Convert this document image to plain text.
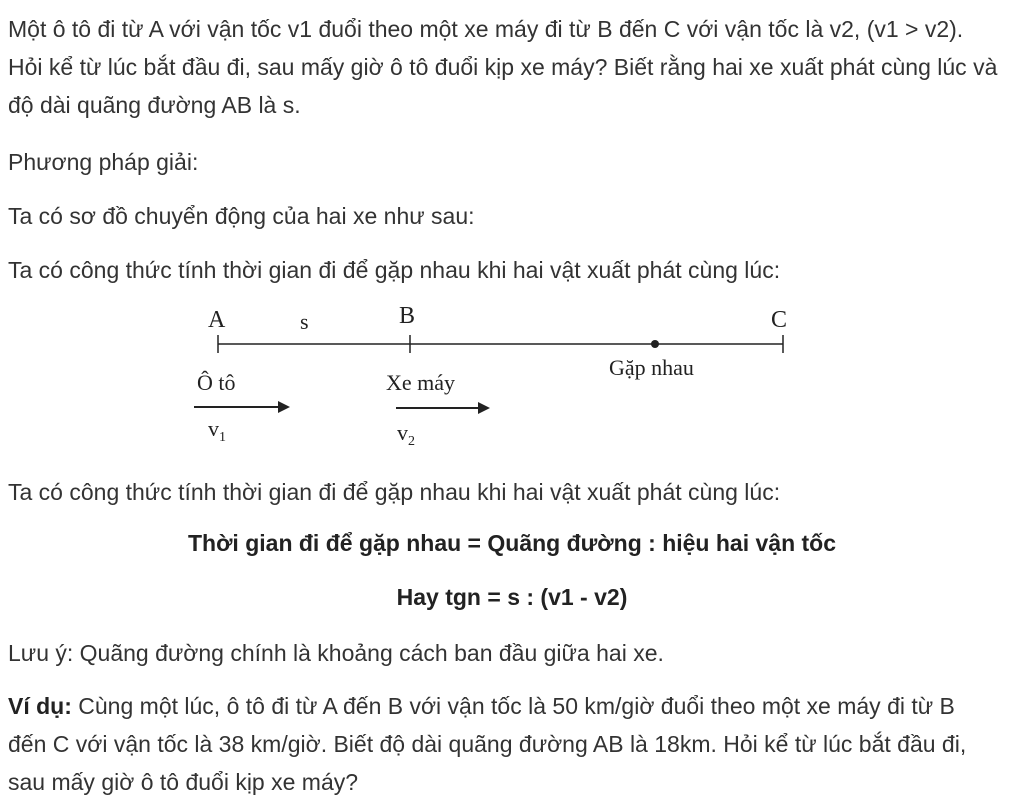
Một ô tô đi từ A với vận tốc v1 đuổi theo một xe máy đi từ B đến C với vận tốc là v2, (v1 > v2). Hỏi kể từ lúc bắt đầu đi, sau mấy giờ ô tô đuổi kịp xe máy? Biết rằng hai xe xuất phát cùng lúc và độ dài quãng đường AB là s.

Phương pháp giải:

Ta có sơ đồ chuyển động của hai xe như sau:

Ta có công thức tính thời gian đi để gặp nhau khi hai vật xuất phát cùng lúc:

A	s	B	C
Gặp nhau
Ô tô
$v_1$
Xe máy
$v_2$

Ta có công thức tính thời gian đi để gặp nhau khi hai vật xuất phát cùng lúc:

Thời gian đi để gặp nhau = Quãng đường : hiệu hai vận tốc

Hay tgn = s : (v1 - v2)

Lưu ý: Quãng đường chính là khoảng cách ban đầu giữa hai xe.

Ví dụ: Cùng một lúc, ô tô đi từ A đến B với vận tốc là 50 km/giờ đuổi theo một xe máy đi từ B đến C với vận tốc là 38 km/giờ. Biết độ dài quãng đường AB là 18km. Hỏi kể từ lúc bắt đầu đi, sau mấy giờ ô tô đuổi kịp xe máy?
